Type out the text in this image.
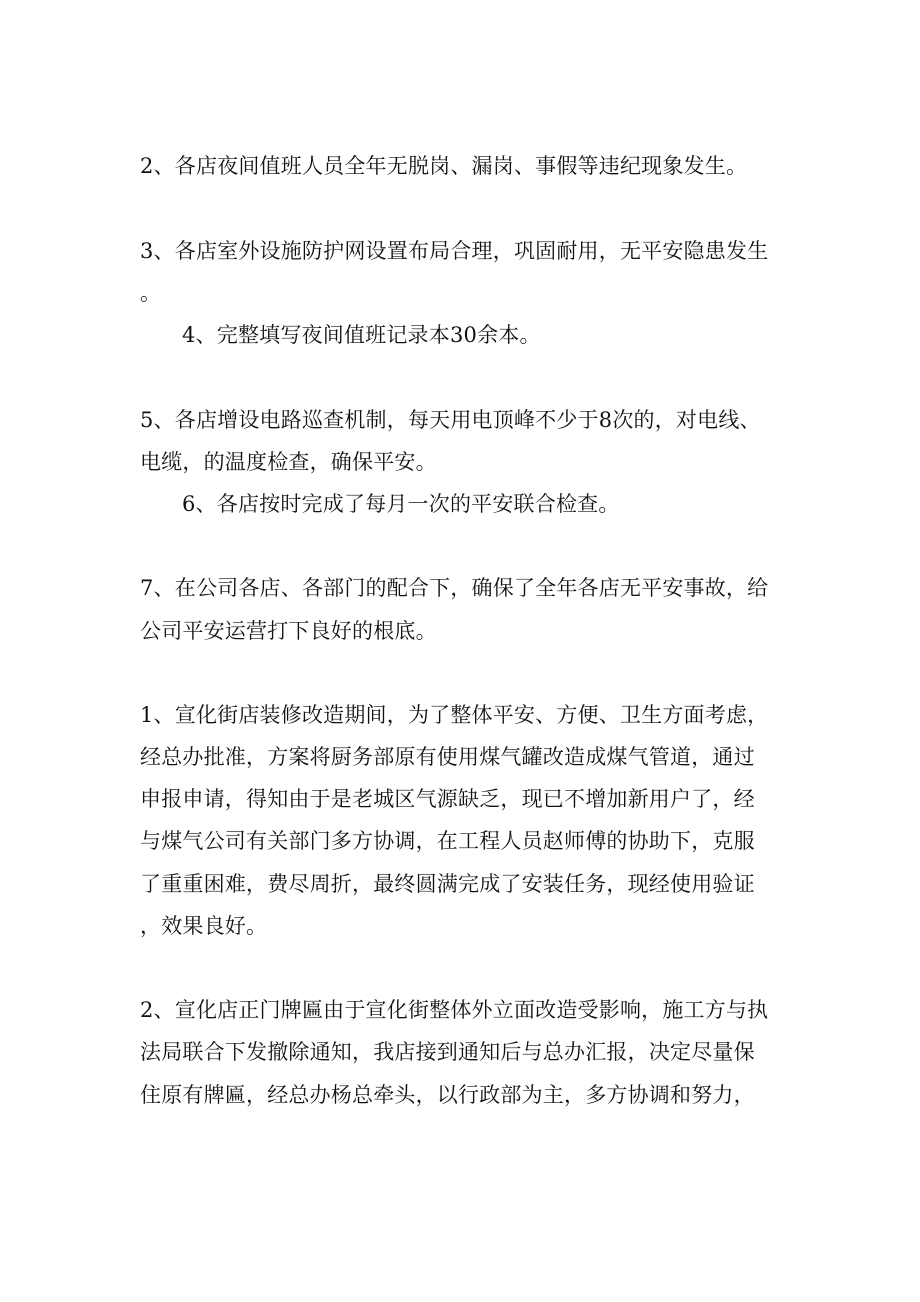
2、各店夜间值班人员全年无脱岗、漏岗、事假等违纪现象发生。
3、各店室外设施防护网设置布局合理，巩固耐用，无平安隐患发生
。
4、完整填写夜间值班记录本30余本。
5、各店增设电路巡查机制，每天用电顶峰不少于8次的，对电线、
电缆，的温度检查，确保平安。
6、各店按时完成了每月一次的平安联合检查。
7、在公司各店、各部门的配合下，确保了全年各店无平安事故，给
公司平安运营打下良好的根底。
1、宣化街店装修改造期间，为了整体平安、方便、卫生方面考虑，
经总办批准，方案将厨务部原有使用煤气罐改造成煤气管道，通过
申报申请，得知由于是老城区气源缺乏，现已不增加新用户了，经
与煤气公司有关部门多方协调，在工程人员赵师傅的协助下，克服
了重重困难，费尽周折，最终圆满完成了安装任务，现经使用验证
，效果良好。
2、宣化店正门牌匾由于宣化街整体外立面改造受影响，施工方与执
法局联合下发撤除通知，我店接到通知后与总办汇报，决定尽量保
住原有牌匾，经总办杨总牵头，以行政部为主，多方协调和努力，
